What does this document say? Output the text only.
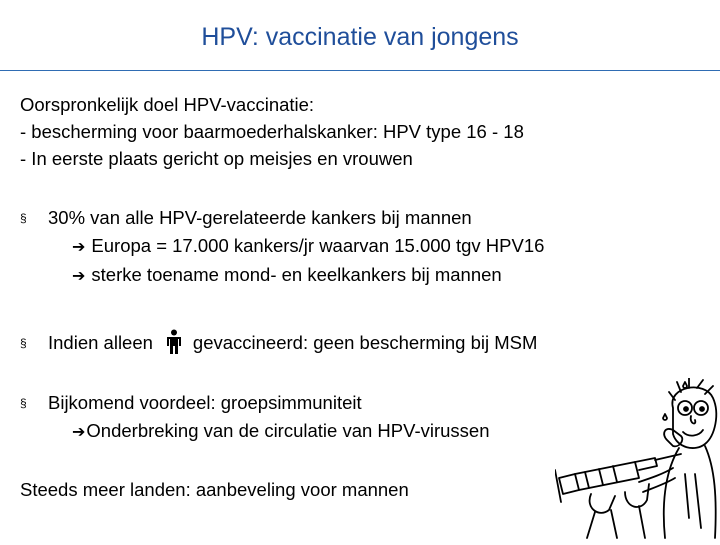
HPV: vaccinatie van jongens
Oorspronkelijk doel HPV-vaccinatie:
- bescherming voor baarmoederhalskanker: HPV type 16 - 18
- In eerste plaats gericht op meisjes en vrouwen
§ 30% van alle HPV-gerelateerde kankers bij mannen
➔ Europa = 17.000 kankers/jr waarvan 15.000 tgv HPV16
➔ sterke toename mond- en keelkankers bij mannen
§ Indien alleen gevaccineerd: geen bescherming bij MSM
§ Bijkomend voordeel: groepsimmuniteit
➔Onderbreking van de circulatie van HPV-virussen
Steeds meer landen: aanbeveling voor mannen
